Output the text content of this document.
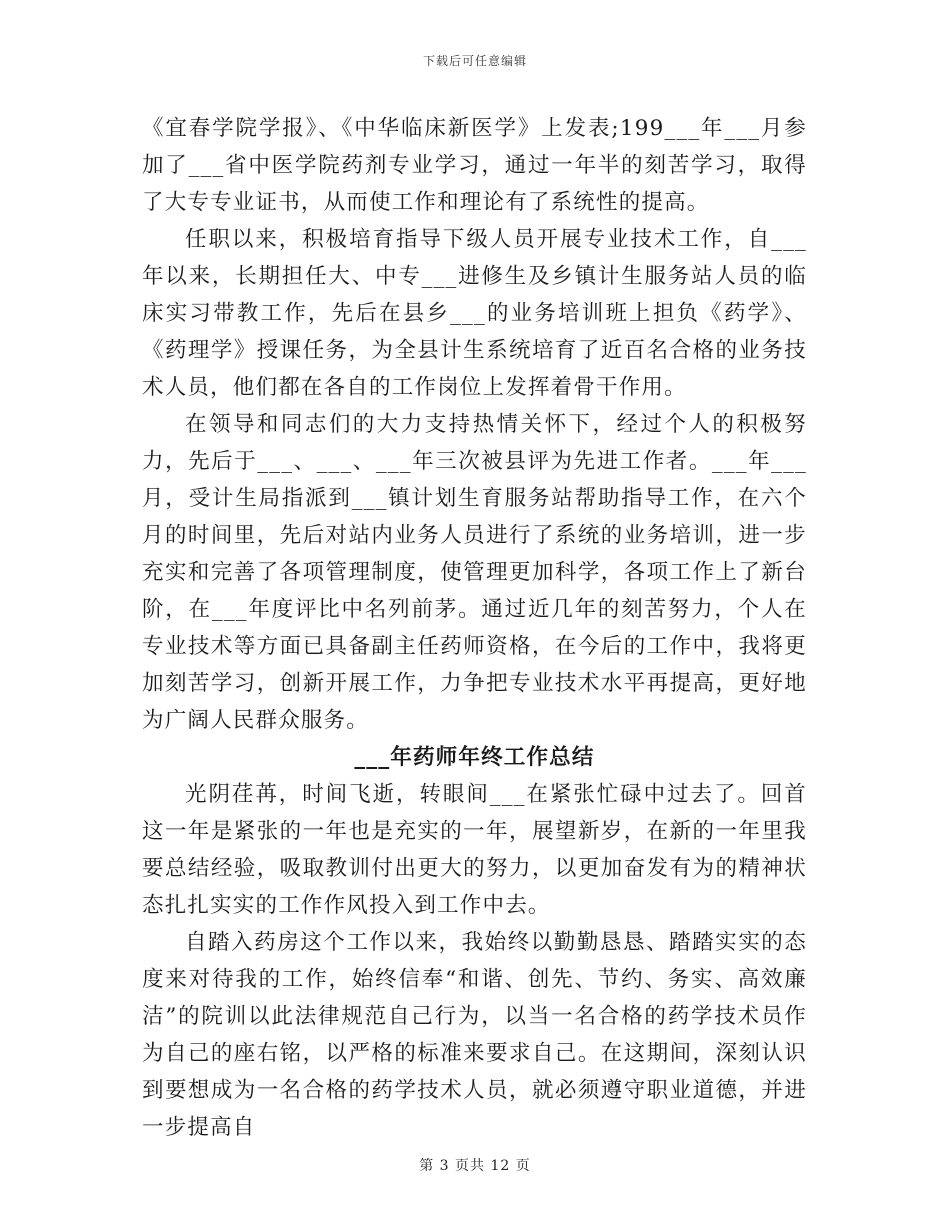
下载后可任意编辑

《宜春学院学报》、《中华临床新医学》上发表;199___年___月参加了___省中医学院药剂专业学习，通过一年半的刻苦学习，取得了大专专业证书，从而使工作和理论有了系统性的提高。

任职以来，积极培育指导下级人员开展专业技术工作，自___年以来，长期担任大、中专___进修生及乡镇计生服务站人员的临床实习带教工作，先后在县乡___的业务培训班上担负《药学》、《药理学》授课任务，为全县计生系统培育了近百名合格的业务技术人员，他们都在各自的工作岗位上发挥着骨干作用。

在领导和同志们的大力支持热情关怀下，经过个人的积极努力，先后于___、___、___年三次被县评为先进工作者。___年___月，受计生局指派到___镇计划生育服务站帮助指导工作，在六个月的时间里，先后对站内业务人员进行了系统的业务培训，进一步充实和完善了各项管理制度，使管理更加科学，各项工作上了新台阶，在___年度评比中名列前茅。通过近几年的刻苦努力，个人在专业技术等方面已具备副主任药师资格，在今后的工作中，我将更加刻苦学习，创新开展工作，力争把专业技术水平再提高，更好地为广阔人民群众服务。

___年药师年终工作总结

光阴荏苒，时间飞逝，转眼间___在紧张忙碌中过去了。回首这一年是紧张的一年也是充实的一年，展望新岁，在新的一年里我要总结经验，吸取教训付出更大的努力，以更加奋发有为的精神状态扎扎实实的工作作风投入到工作中去。

自踏入药房这个工作以来，我始终以勤勤恳恳、踏踏实实的态度来对待我的工作，始终信奉“和谐、创先、节约、务实、高效廉洁”的院训以此法律规范自己行为，以当一名合格的药学技术员作为自己的座右铭，以严格的标准来要求自己。在这期间，深刻认识到要想成为一名合格的药学技术人员，就必须遵守职业道德，并进一步提高自

第 3 页共 12 页
